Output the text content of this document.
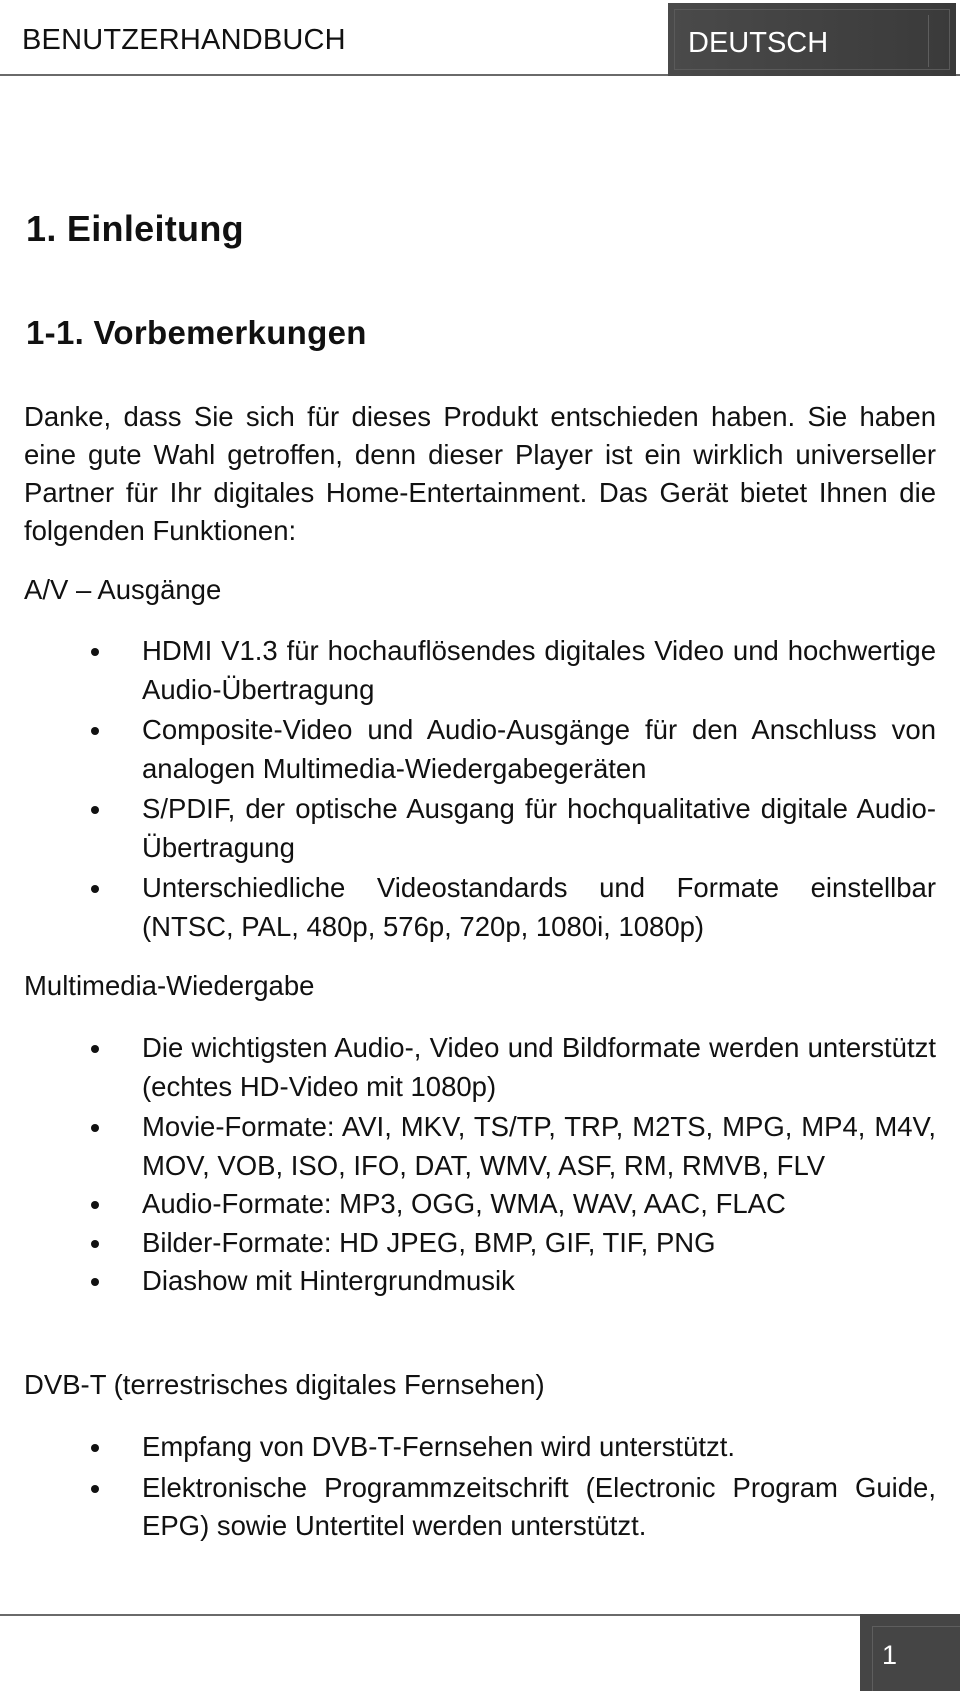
BENUTZERHANDBUCH	DEUTSCH
1. Einleitung
1-1. Vorbemerkungen

Danke, dass Sie sich für dieses Produkt entschieden haben. Sie haben eine gute Wahl getroffen, denn dieser Player ist ein wirklich universeller Partner für Ihr digitales Home-Entertainment. Das Gerät bietet Ihnen die folgenden Funktionen:

A/V – Ausgänge

HDMI V1.3 für hochauflösendes digitales Video und hochwertige Audio-Übertragung
Composite-Video und Audio-Ausgänge für den Anschluss von analogen Multimedia-Wiedergabegeräten
S/PDIF, der optische Ausgang für hochqualitative digitale Audio-Übertragung
Unterschiedliche Videostandards und Formate einstellbar (NTSC, PAL, 480p, 576p, 720p, 1080i, 1080p)

Multimedia-Wiedergabe

Die wichtigsten Audio-, Video und Bildformate werden unterstützt (echtes HD-Video mit 1080p)
Movie-Formate: AVI, MKV, TS/TP, TRP, M2TS, MPG, MP4, M4V, MOV, VOB, ISO, IFO, DAT, WMV, ASF, RM, RMVB, FLV
Audio-Formate: MP3, OGG, WMA, WAV, AAC, FLAC
Bilder-Formate: HD JPEG, BMP, GIF, TIF, PNG
Diashow mit Hintergrundmusik

DVB-T (terrestrisches digitales Fernsehen)

Empfang von DVB-T-Fernsehen wird unterstützt.
Elektronische Programmzeitschrift (Electronic Program Guide, EPG) sowie Untertitel werden unterstützt.
1
